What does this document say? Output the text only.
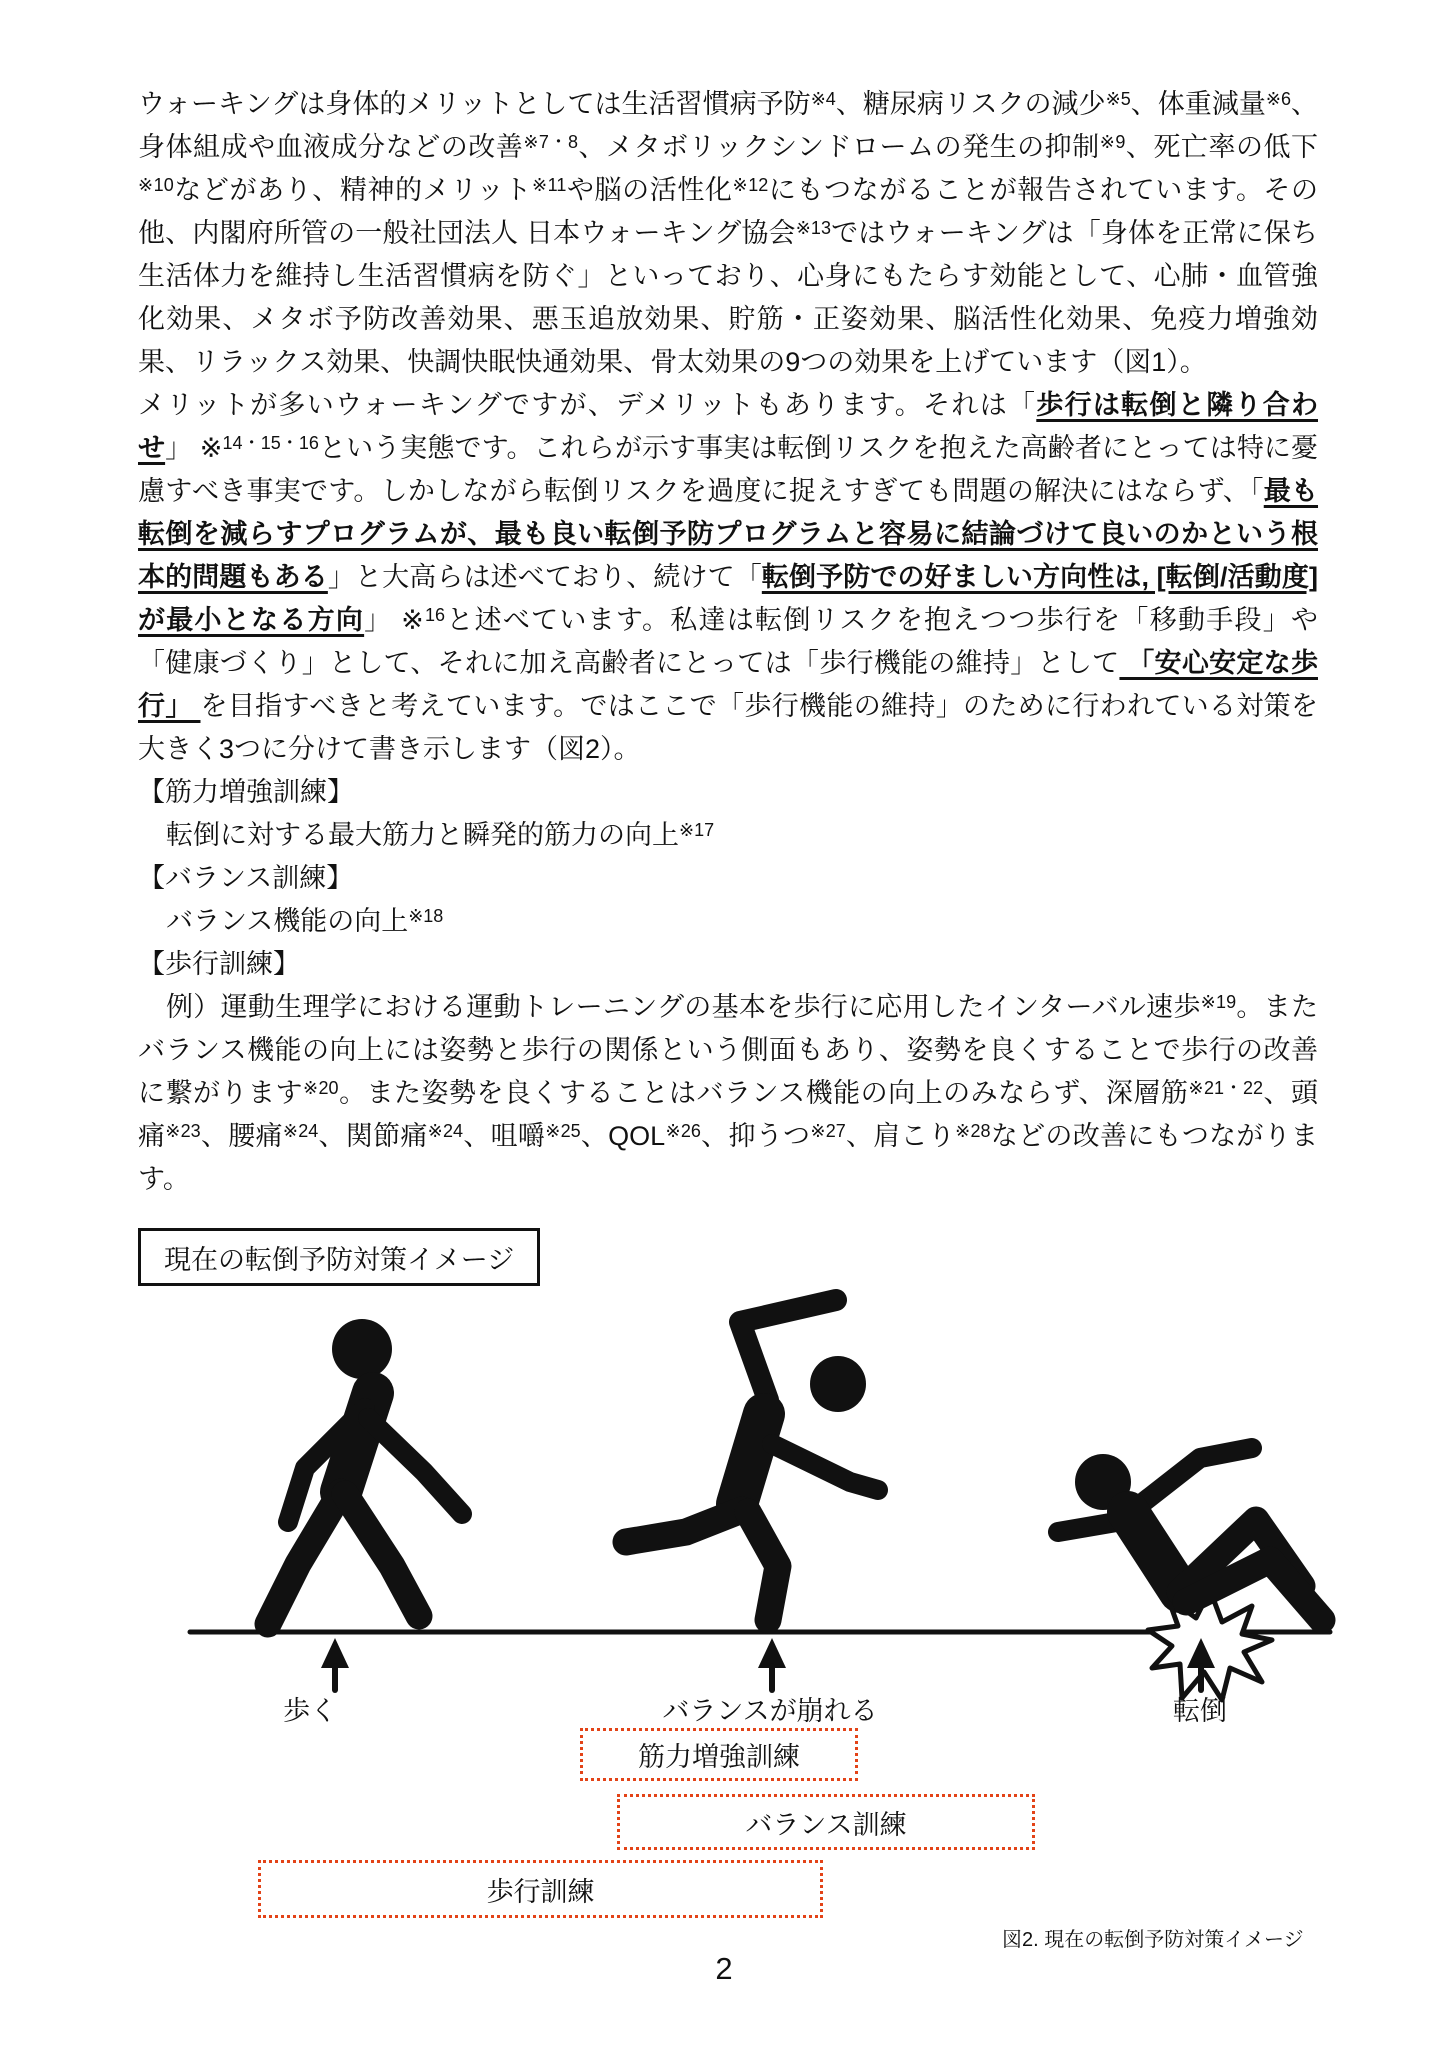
ウォーキングは身体的メリットとしては生活習慣病予防$^{※4}$、糖尿病リスクの減少$^{※5}$、体重減量$^{※6}$、身体組成や血液成分などの改善$^{※7・8}$、メタボリックシンドロームの発生の抑制$^{※9}$、死亡率の低下$^{※10}$などがあり、精神的メリット$^{※11}$や脳の活性化$^{※12}$にもつながることが報告されています。その他、内閣府所管の一般社団法人 日本ウォーキング協会$^{※13}$ではウォーキングは「身体を正常に保ち生活体力を維持し生活習慣病を防ぐ」といっており、心身にもたらす効能として、心肺・血管強化効果、メタボ予防改善効果、悪玉追放効果、貯筋・正姿効果、脳活性化効果、免疫力増強効果、リラックス効果、快調快眠快通効果、骨太効果の9つの効果を上げています（図1）。

メリットが多いウォーキングですが、デメリットもあります。それは「歩行は転倒と隣り合わせ」 ※$^{14・15・16}$という実態です。これらが示す事実は転倒リスクを抱えた高齢者にとっては特に憂慮すべき事実です。しかしながら転倒リスクを過度に捉えすぎても問題の解決にはならず、「最も転倒を減らすプログラムが、最も良い転倒予防プログラムと容易に結論づけて良いのかという根本的問題もある」と大高らは述べており、続けて「転倒予防での好ましい方向性は, [転倒/活動度] が最小となる方向」 ※$^{16}$と述べています。私達は転倒リスクを抱えつつ歩行を「移動手段」や「健康づくり」として、それに加え高齢者にとっては「歩行機能の維持」として 「安心安定な歩行」 を目指すべきと考えています。ではここで「歩行機能の維持」のために行われている対策を大きく3つに分けて書き示します（図2）。

【筋力増強訓練】

転倒に対する最大筋力と瞬発的筋力の向上$^{※17}$

【バランス訓練】

バランス機能の向上$^{※18}$

【歩行訓練】

例）運動生理学における運動トレーニングの基本を歩行に応用したインターバル速歩$^{※19}$。またバランス機能の向上には姿勢と歩行の関係という側面もあり、姿勢を良くすることで歩行の改善に繋がります$^{※20}$。また姿勢を良くすることはバランス機能の向上のみならず、深層筋$^{※21・22}$、頭痛$^{※23}$、腰痛$^{※24}$、関節痛$^{※24}$、咀嚼$^{※25}$、QOL$^{※26}$、抑うつ$^{※27}$、肩こり$^{※28}$などの改善にもつながります。

現在の転倒予防対策イメージ
歩く	バランスが崩れる	転倒
筋力増強訓練
バランス訓練
歩行訓練
図2. 現在の転倒予防対策イメージ
2
